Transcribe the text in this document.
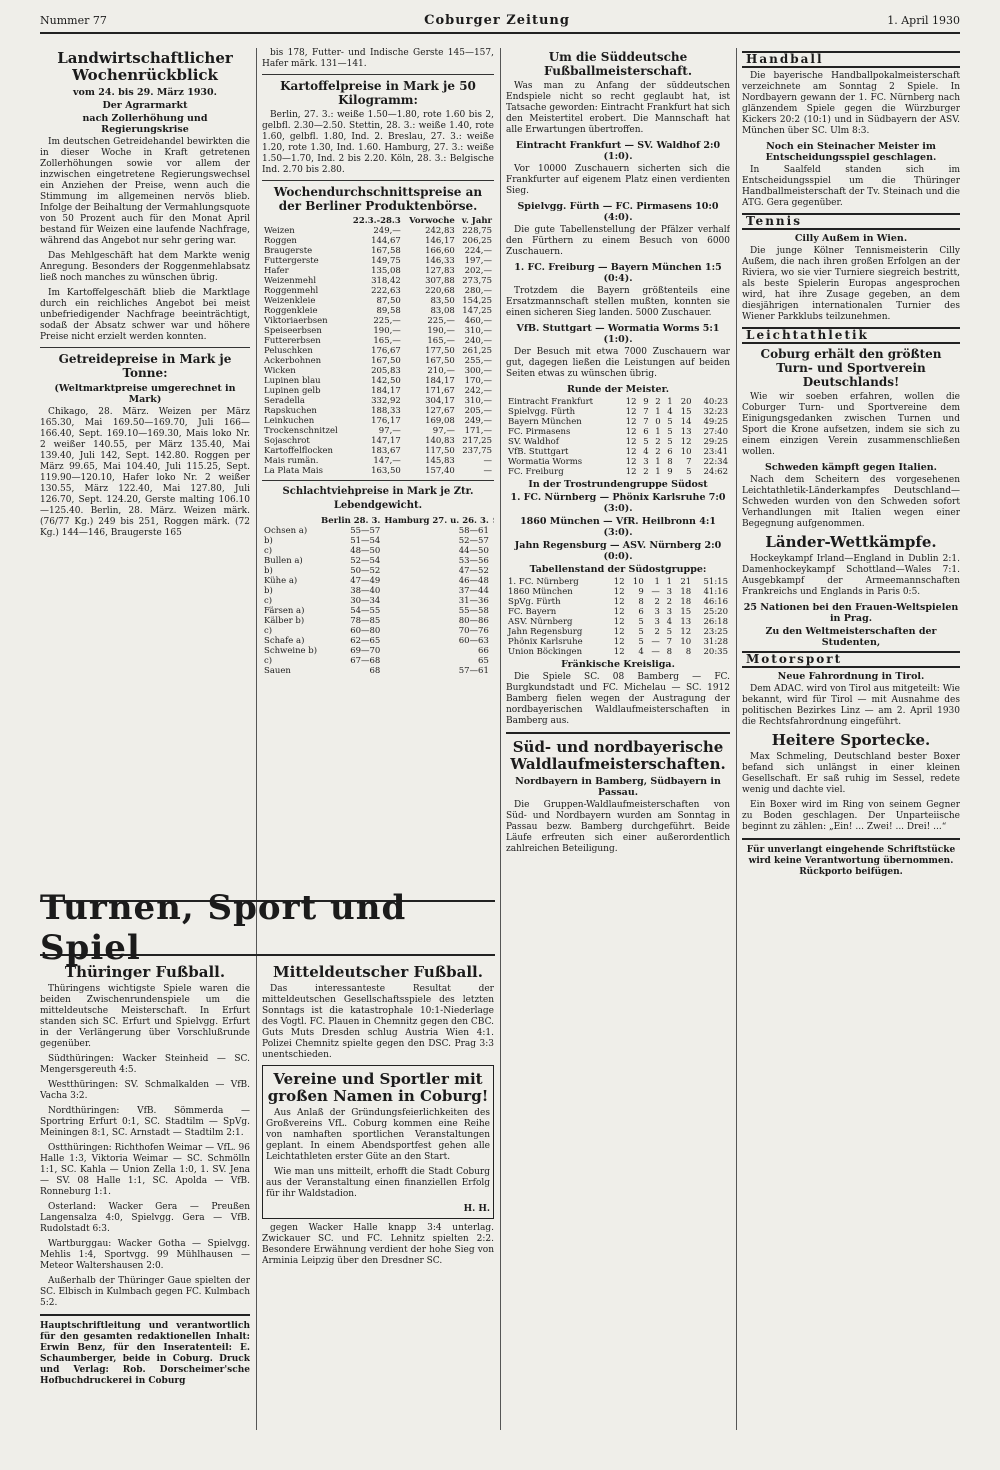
Nummer 77	Coburger Zeitung	1. April 1930
Landwirtschaftlicher Wochenrückblick
vom 24. bis 29. März 1930.
Der Agrarmarkt
nach Zollerhöhung und Regierungskrise

Im deutschen Getreidehandel bewirkten die in dieser Woche in Kraft getretenen Zollerhöhungen sowie vor allem der inzwischen eingetretene Regierungswechsel ein Anziehen der Preise, wenn auch die Stimmung im allgemeinen nervös blieb. Infolge der Beihaltung der Vermahlungsquote von 50 Prozent auch für den Monat April bestand für Weizen eine laufende Nachfrage, während das Angebot nur sehr gering war.

Das Mehlgeschäft hat dem Markte wenig Anregung. Besonders der Roggenmehlabsatz ließ noch manches zu wünschen übrig.

Im Kartoffelgeschäft blieb die Marktlage durch ein reichliches Angebot bei meist unbefriedigender Nachfrage beeinträchtigt, sodaß der Absatz schwer war und höhere Preise nicht erzielt werden konnten.

Getreidepreise in Mark je Tonne:
(Weltmarktpreise umgerechnet in Mark)

Chikago, 28. März. Weizen per März 165.30, Mai 169.50—169.70, Juli 166—166.40, Sept. 169.10—169.30, Mais loko Nr. 2 weißer 140.55, per März 135.40, Mai 139.40, Juli 142, Sept. 142.80. Roggen per März 99.65, Mai 104.40, Juli 115.25, Sept. 119.90—120.10, Hafer loko Nr. 2 weißer 130.55, März 122.40, Mai 127.80, Juli 126.70, Sept. 124.20, Gerste malting 106.10—125.40. Berlin, 28. März. Weizen märk. (76/77 Kg.) 249 bis 251, Roggen märk. (72 Kg.) 144—146, Braugerste 165

bis 178, Futter- und Indische Gerste 145—157, Hafer märk. 131—141.

Kartoffelpreise in Mark je 50 Kilogramm:

Berlin, 27. 3.: weiße 1.50—1.80, rote 1.60 bis 2, gelbfl. 2.30—2.50. Stettin, 28. 3.: weiße 1.40, rote 1.60, gelbfl. 1.80, Ind. 2. Breslau, 27. 3.: weiße 1.20, rote 1.30, Ind. 1.60. Hamburg, 27. 3.: weiße 1.50—1.70, Ind. 2 bis 2.20. Köln, 28. 3.: Belgische Ind. 2.70 bis 2.80.

Wochendurchschnittspreise an der Berliner Produktenbörse.
	22.3.-28.3	Vorwoche	v. Jahr
Weizen	249,—	242,83	228,75
Roggen	144,67	146,17	206,25
Braugerste	167,58	166,60	224,—
Futtergerste	149,75	146,33	197,—
Hafer	135,08	127,83	202,—
Weizenmehl	318,42	307,88	273,75
Roggenmehl	222,63	220,68	280,—
Weizenkleie	87,50	83,50	154,25
Roggenkleie	89,58	83,08	147,25
Viktoriaerbsen	225,—	225,—	460,—
Speiseerbsen	190,—	190,—	310,—
Futtererbsen	165,—	165,—	240,—
Peluschken	176,67	177,50	261,25
Ackerbohnen	167,50	167,50	255,—
Wicken	205,83	210,—	300,—
Lupinen blau	142,50	184,17	170,—
Lupinen gelb	184,17	171,67	242,—
Seradella	332,92	304,17	310,—
Rapskuchen	188,33	127,67	205,—
Leinkuchen	176,17	169,08	249,—
Trockenschnitzel	97,—	97,—	171,—
Sojaschrot	147,17	140,83	217,25
Kartoffelflocken	183,67	117,50	237,75
Mais rumän.	147,—	145,83	—
La Plata Mais	163,50	157,40	—
Schlachtviehpreise in Mark je Ztr. Lebendgewicht.
	Berlin 28. 3.	Hamburg 27. u. 26. 3.	
Ochsen a)	55—57	58—61	
b)	51—54	52—57	
c)	48—50	44—50	
Bullen a)	52—54	53—56	
b)	50—52	47—52	
Kühe a)	47—49	46—48	
b)	38—40	37—44	
c)	30—34	31—36	
Färsen a)	54—55	55—58	
Kälber b)	78—85	80—86	
c)	60—80	70—76	
Schafe a)	62—65	60—63	
Schweine b)	69—70	66	
c)	67—68	65	
Sauen	68	57—61	
Um die Süddeutsche Fußballmeisterschaft.

Was man zu Anfang der süddeutschen Endspiele nicht so recht geglaubt hat, ist Tatsache geworden: Eintracht Frankfurt hat sich den Meistertitel erobert. Die Mannschaft hat alle Erwartungen übertroffen.

Eintracht Frankfurt — SV. Waldhof 2:0 (1:0).

Vor 10000 Zuschauern sicherten sich die Frankfurter auf eigenem Platz einen verdienten Sieg.

Spielvgg. Fürth — FC. Pirmasens 10:0 (4:0).

Die gute Tabellenstellung der Pfälzer verhalf den Fürthern zu einem Besuch von 6000 Zuschauern.

1. FC. Freiburg — Bayern München 1:5 (0:4).

Trotzdem die Bayern größtenteils eine Ersatzmannschaft stellen mußten, konnten sie einen sicheren Sieg landen. 5000 Zuschauer.

VfB. Stuttgart — Wormatia Worms 5:1 (1:0).

Der Besuch mit etwa 7000 Zuschauern war gut, dagegen ließen die Leistungen auf beiden Seiten etwas zu wünschen übrig.

Runde der Meister.
Eintracht Frankfurt	12	9	2	1	20	40:23
Spielvgg. Fürth	12	7	1	4	15	32:23
Bayern München	12	7	0	5	14	49:25
FC. Pirmasens	12	6	1	5	13	27:40
SV. Waldhof	12	5	2	5	12	29:25
VfB. Stuttgart	12	4	2	6	10	23:41
Wormatia Worms	12	3	1	8	7	22:34
FC. Freiburg	12	2	1	9	5	24:62
In der Trostrundengruppe Südost
1. FC. Nürnberg — Phönix Karlsruhe 7:0 (3:0).
1860 München — VfR. Heilbronn 4:1 (3:0).
Jahn Regensburg — ASV. Nürnberg 2:0 (0:0).
Tabellenstand der Südostgruppe:
1. FC. Nürnberg	12	10	1	1	21	51:15
1860 München	12	9	—	3	18	41:16
SpVg. Fürth	12	8	2	2	18	46:16
FC. Bayern	12	6	3	3	15	25:20
ASV. Nürnberg	12	5	3	4	13	26:18
Jahn Regensburg	12	5	2	5	12	23:25
Phönix Karlsruhe	12	5	—	7	10	31:28
Union Böckingen	12	4	—	8	8	20:35
Fränkische Kreisliga.

Die Spiele SC. 08 Bamberg — FC. Burgkundstadt und FC. Michelau — SC. 1912 Bamberg fielen wegen der Austragung der nordbayerischen Waldlaufmeisterschaften in Bamberg aus.

Süd- und nordbayerische Waldlaufmeisterschaften.
Nordbayern in Bamberg, Südbayern in Passau.

Die Gruppen-Waldlaufmeisterschaften von Süd- und Nordbayern wurden am Sonntag in Passau bezw. Bamberg durchgeführt. Beide Läufe erfreuten sich einer außerordentlich zahlreichen Beteiligung.

Handball

Die bayerische Handballpokalmeisterschaft verzeichnete am Sonntag 2 Spiele. In Nordbayern gewann der 1. FC. Nürnberg nach glänzendem Spiele gegen die Würzburger Kickers 20:2 (10:1) und in Südbayern der ASV. München über SC. Ulm 8:3.

Noch ein Steinacher Meister im Entscheidungsspiel geschlagen.

In Saalfeld standen sich im Entscheidungsspiel um die Thüringer Handballmeisterschaft der Tv. Steinach und die ATG. Gera gegenüber.

Tennis
Cilly Außem in Wien.

Die junge Kölner Tennismeisterin Cilly Außem, die nach ihren großen Erfolgen an der Riviera, wo sie vier Turniere siegreich bestritt, als beste Spielerin Europas angesprochen wird, hat ihre Zusage gegeben, an dem diesjährigen internationalen Turnier des Wiener Parkklubs teilzunehmen.

Leichtathletik
Coburg erhält den größten Turn- und Sportverein Deutschlands!

Wie wir soeben erfahren, wollen die Coburger Turn- und Sportvereine dem Einigungsgedanken zwischen Turnen und Sport die Krone aufsetzen, indem sie sich zu einem einzigen Verein zusammenschließen wollen.

Schweden kämpft gegen Italien.

Nach dem Scheitern des vorgesehenen Leichtathletik-Länderkampfes Deutschland—Schweden wurden von den Schweden sofort Verhandlungen mit Italien wegen einer Begegnung aufgenommen.

Länder-Wettkämpfe.

Hockeykampf Irland—England in Dublin 2:1. Damenhockeykampf Schottland—Wales 7:1. Ausgebkampf der Armeemannschaften Frankreichs und Englands in Paris 0:5.

25 Nationen bei den Frauen-Weltspielen in Prag.
Zu den Weltmeisterschaften der Studenten,
Motorsport
Neue Fahrordnung in Tirol.

Dem ADAC. wird von Tirol aus mitgeteilt: Wie bekannt, wird für Tirol — mit Ausnahme des politischen Bezirkes Linz — am 2. April 1930 die Rechtsfahrordnung eingeführt.

Heitere Sportecke.

Max Schmeling, Deutschland bester Boxer befand sich unlängst in einer kleinen Gesellschaft. Er saß ruhig im Sessel, redete wenig und dachte viel.

Ein Boxer wird im Ring von seinem Gegner zu Boden geschlagen. Der Unparteiische beginnt zu zählen: „Ein! ... Zwei! ... Drei! ...“

Für unverlangt eingehende Schriftstücke wird keine Verantwortung übernommen. Rückporto beifügen.
Turnen, Sport und Spiel
Thüringer Fußball.

Thüringens wichtigste Spiele waren die beiden Zwischenrundenspiele um die mitteldeutsche Meisterschaft. In Erfurt standen sich SC. Erfurt und Spielvgg. Erfurt in der Verlängerung über Vorschlußrunde gegenüber.

Südthüringen: Wacker Steinheid — SC. Mengersgereuth 4:5.

Westthüringen: SV. Schmalkalden — VfB. Vacha 3:2.

Nordthüringen: VfB. Sömmerda — Sportring Erfurt 0:1, SC. Stadtilm — SpVg. Meiningen 8:1, SC. Arnstadt — Stadtilm 2:1.

Ostthüringen: Richthofen Weimar — VfL. 96 Halle 1:3, Viktoria Weimar — SC. Schmölln 1:1, SC. Kahla — Union Zella 1:0, 1. SV. Jena — SV. 08 Halle 1:1, SC. Apolda — VfB. Ronneburg 1:1.

Osterland: Wacker Gera — Preußen Langensalza 4:0, Spielvgg. Gera — VfB. Rudolstadt 6:3.

Wartburggau: Wacker Gotha — Spielvgg. Mehlis 1:4, Sportvgg. 99 Mühlhausen — Meteor Waltershausen 2:0.

Außerhalb der Thüringer Gaue spielten der SC. Elbisch in Kulmbach gegen FC. Kulmbach 5:2.

Hauptschriftleitung und verantwortlich für den gesamten redaktionellen Inhalt: Erwin Benz, für den Inseratenteil: E. Schaumberger, beide in Coburg. Druck und Verlag: Rob. Dorscheimer'sche Hofbuchdruckerei in Coburg
Mitteldeutscher Fußball.

Das interessanteste Resultat der mitteldeutschen Gesellschaftsspiele des letzten Sonntags ist die katastrophale 10:1-Niederlage des Vogtl. FC. Plauen in Chemnitz gegen den CBC. Guts Muts Dresden schlug Austria Wien 4:1. Polizei Chemnitz spielte gegen den DSC. Prag 3:3 unentschieden.

Vereine und Sportler mit großen Namen in Coburg!

Aus Anlaß der Gründungsfeierlichkeiten des Großvereins VfL. Coburg kommen eine Reihe von namhaften sportlichen Veranstaltungen geplant. In einem Abendsportfest gehen alle Leichtathleten erster Güte an den Start.

Wie man uns mitteilt, erhofft die Stadt Coburg aus der Veranstaltung einen finanziellen Erfolg für ihr Waldstadion.

H. H.

gegen Wacker Halle knapp 3:4 unterlag. Zwickauer SC. und FC. Lehnitz spielten 2:2. Besondere Erwähnung verdient der hohe Sieg von Arminia Leipzig über den Dresdner SC.
